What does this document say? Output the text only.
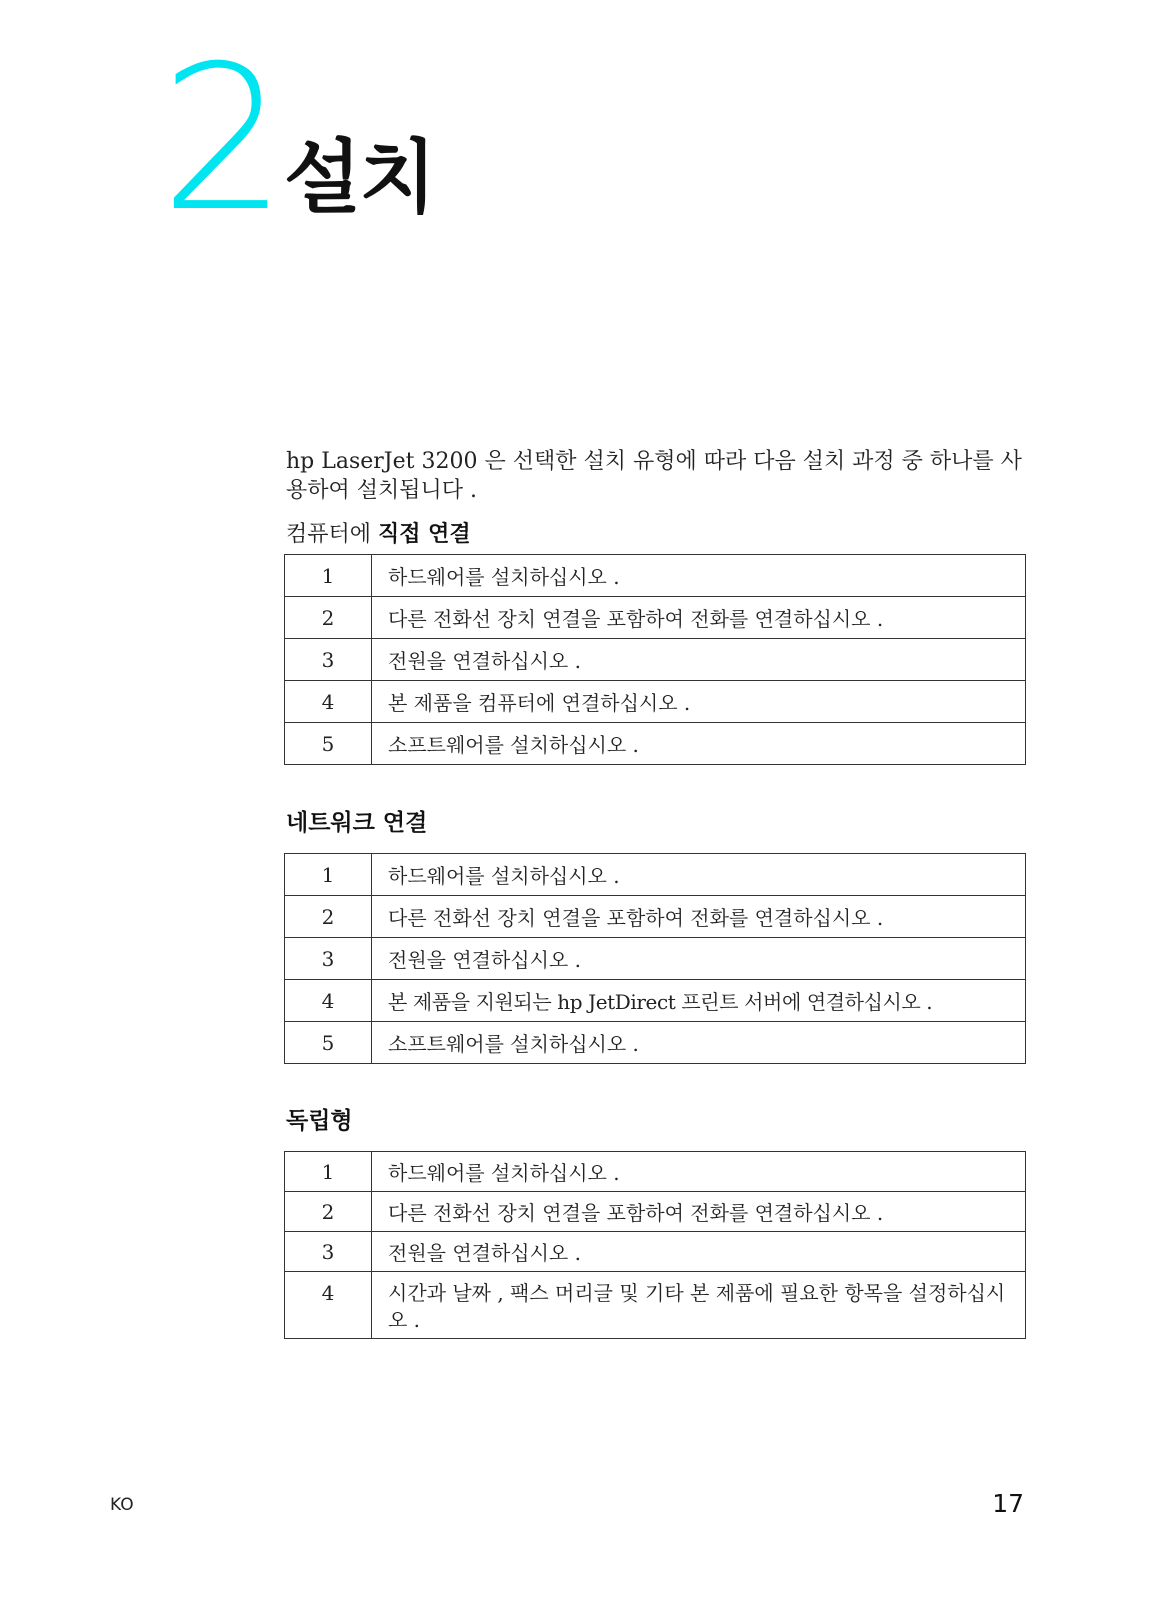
2
설치
hp LaserJet 3200 은 선택한 설치 유형에 따라 다음 설치 과정 중 하나를 사용하여 설치됩니다 .
컴퓨터에 직접 연결
1	하드웨어를 설치하십시오 .
2	다른 전화선 장치 연결을 포함하여 전화를 연결하십시오 .
3	전원을 연결하십시오 .
4	본 제품을 컴퓨터에 연결하십시오 .
5	소프트웨어를 설치하십시오 .
네트워크 연결
1	하드웨어를 설치하십시오 .
2	다른 전화선 장치 연결을 포함하여 전화를 연결하십시오 .
3	전원을 연결하십시오 .
4	본 제품을 지원되는 hp JetDirect 프린트 서버에 연결하십시오 .
5	소프트웨어를 설치하십시오 .
독립형
1	하드웨어를 설치하십시오 .
2	다른 전화선 장치 연결을 포함하여 전화를 연결하십시오 .
3	전원을 연결하십시오 .
4	시간과 날짜 , 팩스 머리글 및 기타 본 제품에 필요한 항목을 설정하십시오 .
KO	17
